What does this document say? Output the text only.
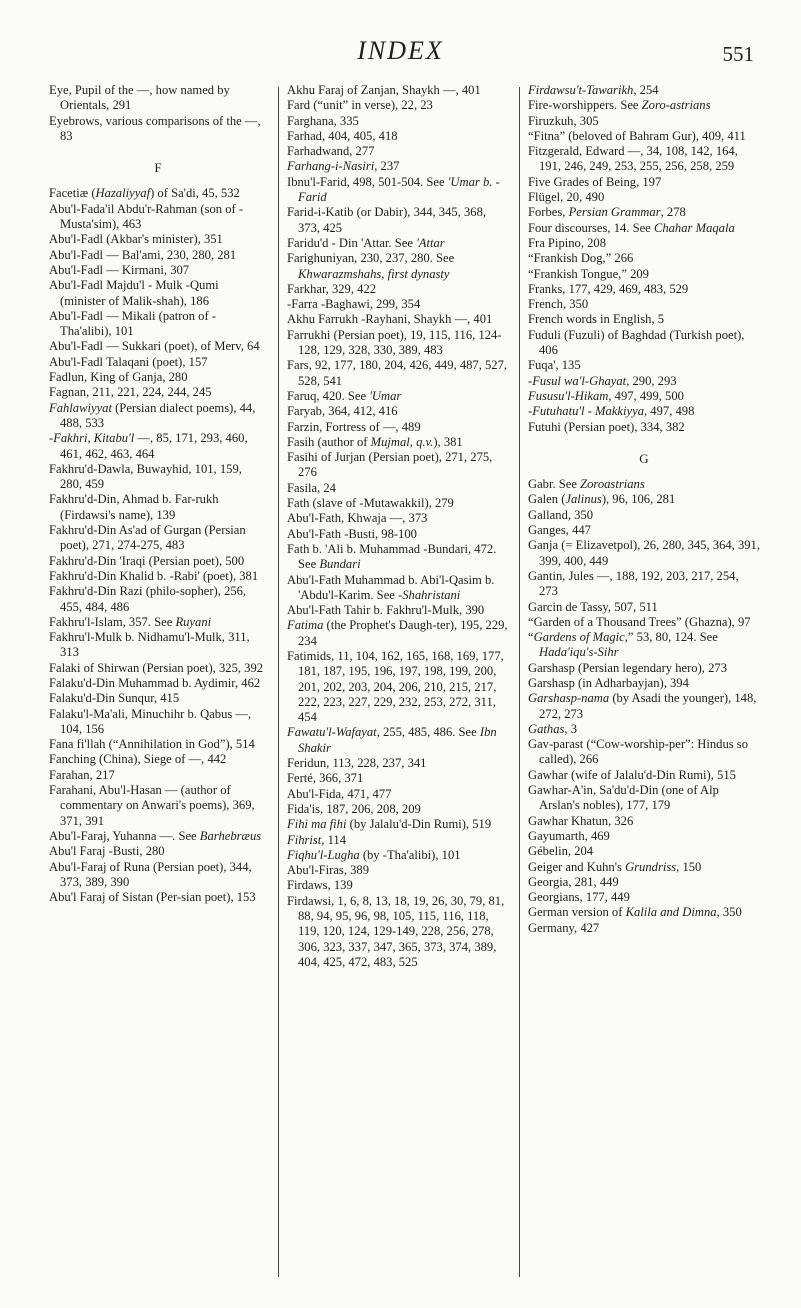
INDEX	551

Eye, Pupil of the —, how named by Orientals, 291

Eyebrows, various comparisons of the —, 83

F

Facetiæ (Hazaliyyaf) of Sa'di, 45, 532

Abu'l-Fada'il Abdu'r-Rahman (son of -Musta'sim), 463

Abu'l-Fadl (Akbar's minister), 351

Abu'l-Fadl — Bal'ami, 230, 280, 281

Abu'l-Fadl — Kirmani, 307

Abu'l-Fadl Majdu'l - Mulk -Qumi (minister of Malik-shah), 186

Abu'l-Fadl — Mikali (patron of -Tha'alibi), 101

Abu'l-Fadl — Sukkari (poet), of Merv, 64

Abu'l-Fadl Talaqani (poet), 157

Fadlun, King of Ganja, 280

Fagnan, 211, 221, 224, 244, 245

Fahlawiyyat (Persian dialect poems), 44, 488, 533

-Fakhri, Kitabu'l —, 85, 171, 293, 460, 461, 462, 463, 464

Fakhru'd-Dawla, Buwayhid, 101, 159, 280, 459

Fakhru'd-Din, Ahmad b. Far-rukh (Firdawsi's name), 139

Fakhru'd-Din As'ad of Gurgan (Persian poet), 271, 274-275, 483

Fakhru'd-Din 'Iraqi (Persian poet), 500

Fakhru'd-Din Khalid b. -Rabi' (poet), 381

Fakhru'd-Din Razi (philo-sopher), 256, 455, 484, 486

Fakhru'l-Islam, 357. See Ruyani

Fakhru'l-Mulk b. Nidhamu'l-Mulk, 311, 313

Falaki of Shirwan (Persian poet), 325, 392

Falaku'd-Din Muhammad b. Aydimir, 462

Falaku'd-Din Sunqur, 415

Falaku'l-Ma'ali, Minuchihr b. Qabus —, 104, 156

Fana fi'llah (“Annihilation in God”), 514

Fanching (China), Siege of —, 442

Farahan, 217

Farahani, Abu'l-Hasan — (author of commentary on Anwari's poems), 369, 371, 391

Abu'l-Faraj, Yuhanna —. See Barhebræus

Abu'l Faraj -Busti, 280

Abu'l-Faraj of Runa (Persian poet), 344, 373, 389, 390

Abu'l Faraj of Sistan (Per-sian poet), 153

Akhu Faraj of Zanjan, Shaykh —, 401

Fard (“unit” in verse), 22, 23

Farghana, 335

Farhad, 404, 405, 418

Farhadwand, 277

Farhang-i-Nasiri, 237

Ibnu'l-Farid, 498, 501-504. See 'Umar b. -Farid

Farid-i-Katib (or Dabir), 344, 345, 368, 373, 425

Faridu'd - Din 'Attar. See 'Attar

Farighuniyan, 230, 237, 280. See Khwarazmshahs, first dynasty

Farkhar, 329, 422

-Farra -Baghawi, 299, 354

Akhu Farrukh -Rayhani, Shaykh —, 401

Farrukhi (Persian poet), 19, 115, 116, 124-128, 129, 328, 330, 389, 483

Fars, 92, 177, 180, 204, 426, 449, 487, 527, 528, 541

Faruq, 420. See 'Umar

Faryab, 364, 412, 416

Farzin, Fortress of —, 489

Fasih (author of Mujmal, q.v.), 381

Fasihi of Jurjan (Persian poet), 271, 275, 276

Fasila, 24

Fath (slave of -Mutawakkil), 279

Abu'l-Fath, Khwaja —, 373

Abu'l-Fath -Busti, 98-100

Fath b. 'Ali b. Muhammad -Bundari, 472. See Bundari

Abu'l-Fath Muhammad b. Abi'l-Qasim b. 'Abdu'l-Karim. See -Shahristani

Abu'l-Fath Tahir b. Fakhru'l-Mulk, 390

Fatima (the Prophet's Daugh-ter), 195, 229, 234

Fatimids, 11, 104, 162, 165, 168, 169, 177, 181, 187, 195, 196, 197, 198, 199, 200, 201, 202, 203, 204, 206, 210, 215, 217, 222, 223, 227, 229, 232, 253, 272, 311, 454

Fawatu'l-Wafayat, 255, 485, 486. See Ibn Shakir

Feridun, 113, 228, 237, 341

Ferté, 366, 371

Abu'l-Fida, 471, 477

Fida'is, 187, 206, 208, 209

Fihi ma fihi (by Jalalu'd-Din Rumi), 519

Fihrist, 114

Fiqhu'l-Lugha (by -Tha'alibi), 101

Abu'l-Firas, 389

Firdaws, 139

Firdawsi, 1, 6, 8, 13, 18, 19, 26, 30, 79, 81, 88, 94, 95, 96, 98, 105, 115, 116, 118, 119, 120, 124, 129-149, 228, 256, 278, 306, 323, 337, 347, 365, 373, 374, 389, 404, 425, 472, 483, 525

Firdawsu't-Tawarikh, 254

Fire-worshippers. See Zoro-astrians

Firuzkuh, 305

“Fitna” (beloved of Bahram Gur), 409, 411

Fitzgerald, Edward —, 34, 108, 142, 164, 191, 246, 249, 253, 255, 256, 258, 259

Five Grades of Being, 197

Flügel, 20, 490

Forbes, Persian Grammar, 278

Four discourses, 14. See Chahar Maqala

Fra Pipino, 208

“Frankish Dog,” 266

“Frankish Tongue,” 209

Franks, 177, 429, 469, 483, 529

French, 350

French words in English, 5

Fuduli (Fuzuli) of Baghdad (Turkish poet), 406

Fuqa', 135

-Fusul wa'l-Ghayat, 290, 293

Fususu'l-Hikam, 497, 499, 500

-Futuhatu'l - Makkiyya, 497, 498

Futuhi (Persian poet), 334, 382

G

Gabr. See Zoroastrians

Galen (Jalinus), 96, 106, 281

Galland, 350

Ganges, 447

Ganja (= Elizavetpol), 26, 280, 345, 364, 391, 399, 400, 449

Gantin, Jules —, 188, 192, 203, 217, 254, 273

Garcin de Tassy, 507, 511

“Garden of a Thousand Trees” (Ghazna), 97

“Gardens of Magic,” 53, 80, 124. See Hada'iqu's-Sihr

Garshasp (Persian legendary hero), 273

Garshasp (in Adharbayjan), 394

Garshasp-nama (by Asadi the younger), 148, 272, 273

Gathas, 3

Gav-parast (“Cow-worship-per”: Hindus so called), 266

Gawhar (wife of Jalalu'd-Din Rumi), 515

Gawhar-A'in, Sa'du'd-Din (one of Alp Arslan's nobles), 177, 179

Gawhar Khatun, 326

Gayumarth, 469

Gébelin, 204

Geiger and Kuhn's Grundriss, 150

Georgia, 281, 449

Georgians, 177, 449

German version of Kalila and Dimna, 350

Germany, 427
